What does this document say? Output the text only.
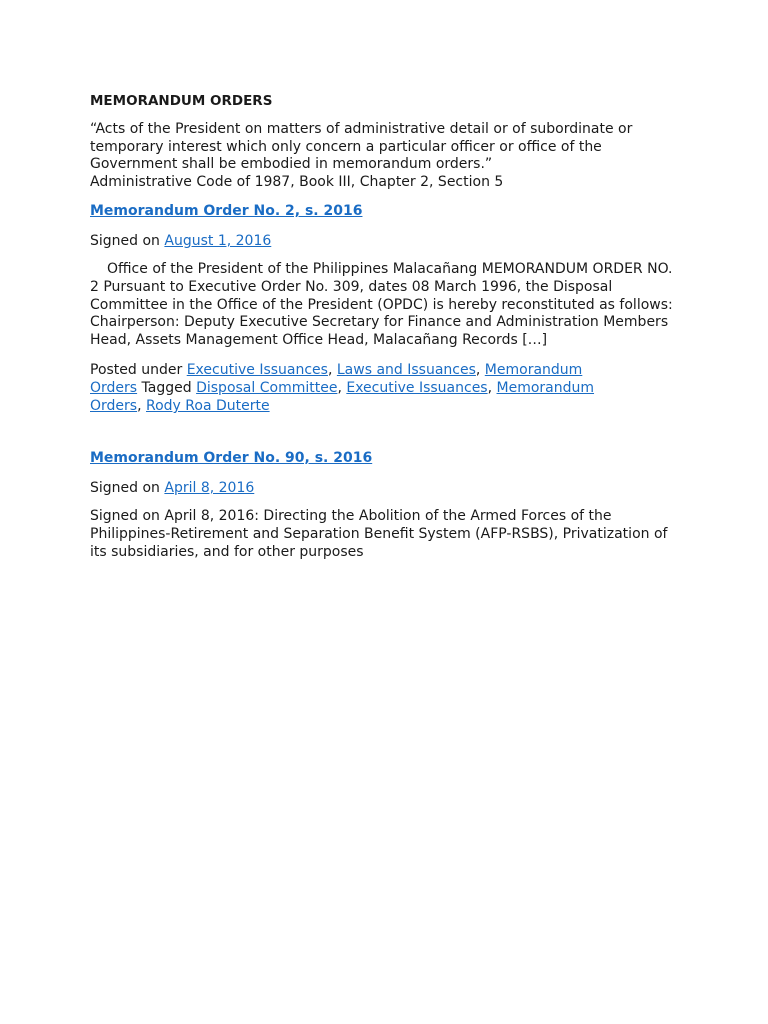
MEMORANDUM ORDERS
“Acts of the President on matters of administrative detail or of subordinate or temporary interest which only concern a particular officer or office of the Government shall be embodied in memorandum orders.”
Administrative Code of 1987, Book III, Chapter 2, Section 5
Memorandum Order No. 2, s. 2016
Signed on August 1, 2016
Office of the President of the Philippines Malacañang MEMORANDUM ORDER NO. 2 Pursuant to Executive Order No. 309, dates 08 March 1996, the Disposal Committee in the Office of the President (OPDC) is hereby reconstituted as follows: Chairperson: Deputy Executive Secretary for Finance and Administration Members Head, Assets Management Office Head, Malacañang Records […]
Posted under Executive Issuances, Laws and Issuances, Memorandum Orders Tagged Disposal Committee, Executive Issuances, Memorandum Orders, Rody Roa Duterte
Memorandum Order No. 90, s. 2016
Signed on April 8, 2016
Signed on April 8, 2016: Directing the Abolition of the Armed Forces of the Philippines-Retirement and Separation Benefit System (AFP-RSBS), Privatization of its subsidiaries, and for other purposes
